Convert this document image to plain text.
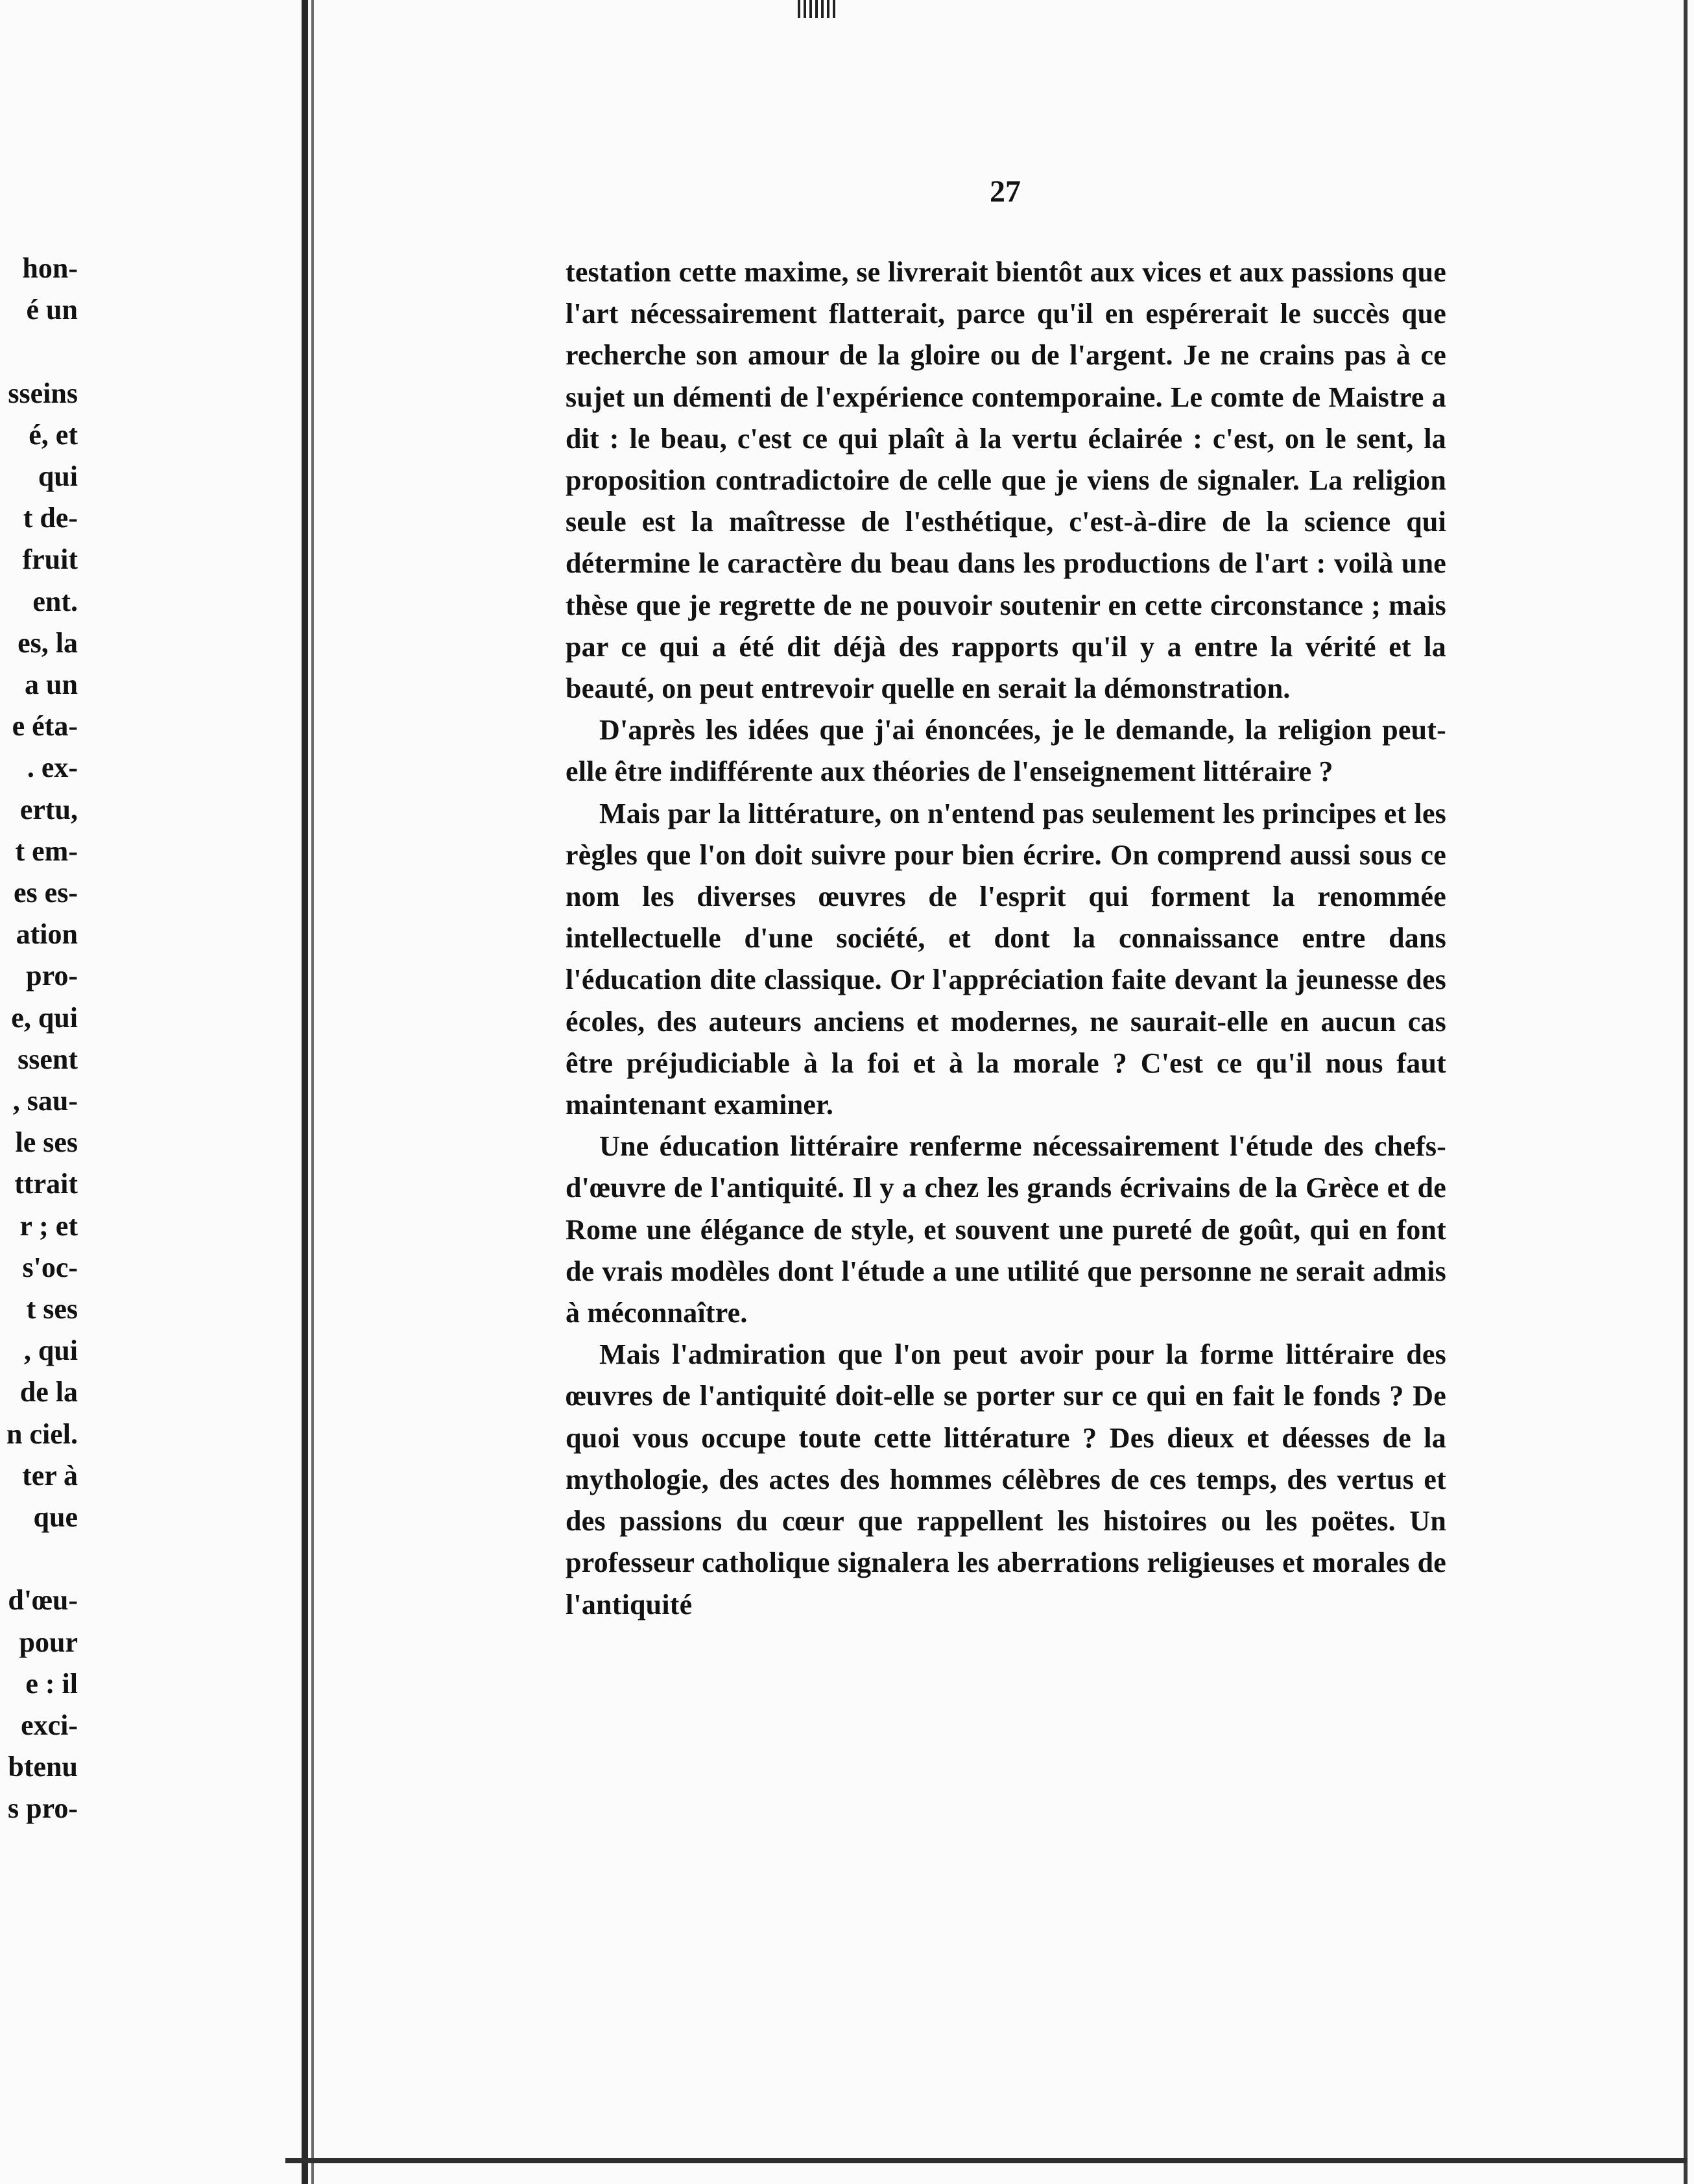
hon-
é un
sseins
é, et
qui
t de-
fruit
ent.
es, la
a un
e éta-
. ex-
ertu,
t em-
es es-
ation
pro-
e, qui
ssent
, sau-
le ses
ttrait
r ; et
s'oc-
t ses
, qui
de la
n ciel.
ter à
que
d'œu-
pour
e : il
exci-
btenu
s pro-
27

testation cette maxime, se livrerait bientôt aux vices et aux passions que l'art nécessairement flatterait, parce qu'il en espérerait le succès que recherche son amour de la gloire ou de l'argent. Je ne crains pas à ce sujet un démenti de l'expérience contemporaine. Le comte de Maistre a dit : le beau, c'est ce qui plaît à la vertu éclairée : c'est, on le sent, la proposition contradictoire de celle que je viens de signaler. La religion seule est la maîtresse de l'esthétique, c'est-à-dire de la science qui détermine le caractère du beau dans les productions de l'art : voilà une thèse que je regrette de ne pouvoir soutenir en cette circonstance ; mais par ce qui a été dit déjà des rapports qu'il y a entre la vérité et la beauté, on peut entrevoir quelle en serait la démonstration.

D'après les idées que j'ai énoncées, je le demande, la religion peut-elle être indifférente aux théories de l'enseignement littéraire ?

Mais par la littérature, on n'entend pas seulement les principes et les règles que l'on doit suivre pour bien écrire. On comprend aussi sous ce nom les diverses œuvres de l'esprit qui forment la renommée intellectuelle d'une société, et dont la connaissance entre dans l'éducation dite classique. Or l'appréciation faite devant la jeunesse des écoles, des auteurs anciens et modernes, ne saurait-elle en aucun cas être préjudiciable à la foi et à la morale ? C'est ce qu'il nous faut maintenant examiner.

Une éducation littéraire renferme nécessairement l'étude des chefs-d'œuvre de l'antiquité. Il y a chez les grands écrivains de la Grèce et de Rome une élégance de style, et souvent une pureté de goût, qui en font de vrais modèles dont l'étude a une utilité que personne ne serait admis à méconnaître.

Mais l'admiration que l'on peut avoir pour la forme littéraire des œuvres de l'antiquité doit-elle se porter sur ce qui en fait le fonds ? De quoi vous occupe toute cette littérature ? Des dieux et déesses de la mythologie, des actes des hommes célèbres de ces temps, des vertus et des passions du cœur que rappellent les histoires ou les poëtes. Un professeur catholique signalera les aberrations religieuses et morales de l'antiquité
